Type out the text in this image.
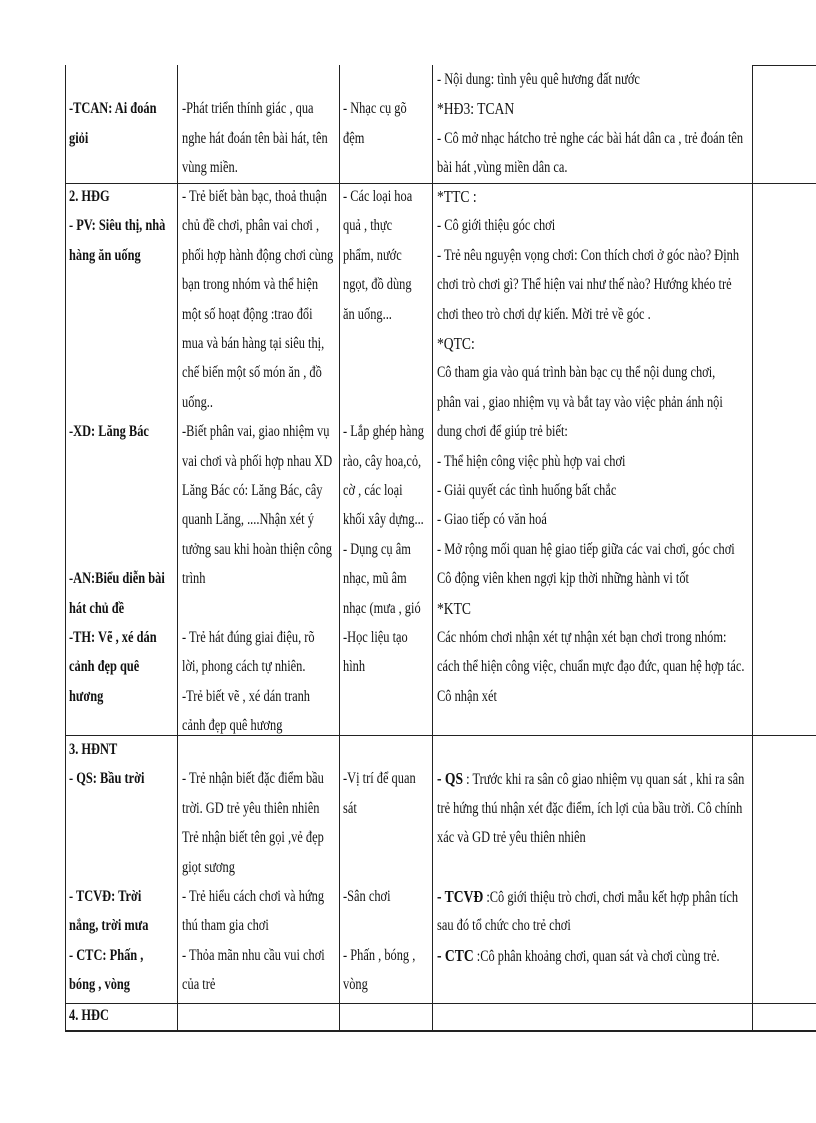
-TCAN: Ai đoán
giỏi
-Phát triển thính giác , qua
nghe hát đoán tên bài hát, tên
vùng miền.
- Nhạc cụ gõ
đệm
- Nội dung: tình yêu quê hương đất nước
*HĐ3: TCAN
- Cô mở nhạc hátcho trẻ nghe các bài hát dân ca , trẻ đoán tên
bài hát ,vùng miền dân ca.
2. HĐG
- PV: Siêu thị, nhà
hàng ăn uống
-XD: Lăng Bác
-AN:Biểu diễn bài
hát chủ đề
-TH: Vẽ , xé dán
cảnh đẹp quê
hương
- Trẻ biết bàn bạc, thoả thuận
chủ đề chơi, phân vai chơi ,
phối hợp hành động chơi cùng
bạn trong nhóm và thể hiện
một số hoạt động :trao đổi
mua và bán hàng tại siêu thị,
chế biến một số món ăn , đồ
uống..
-Biết phân vai, giao nhiệm vụ
vai chơi và phối hợp nhau XD
Lăng Bác có: Lăng Bác, cây
quanh Lăng, ....Nhận xét ý
tưởng sau khi hoàn thiện công
trình
- Trẻ hát đúng giai điệu, rõ
lời, phong cách tự nhiên.
-Trẻ biết vẽ , xé dán tranh
cảnh đẹp quê hương
- Các loại hoa
quả , thực
phẩm, nước
ngọt, đồ dùng
ăn uống...
- Lắp ghép hàng
rào, cây hoa,cỏ,
cờ , các loại
khối xây dựng...
- Dụng cụ âm
nhạc, mũ âm
nhạc (mưa , gió
-Học liệu tạo
hình
*TTC :
- Cô giới thiệu góc chơi
- Trẻ nêu nguyện vọng chơi: Con thích chơi ở góc nào? Định
chơi trò chơi gì? Thể hiện vai như thế nào? Hướng khéo trẻ
chơi theo trò chơi dự kiến. Mời trẻ về góc .
*QTC:
Cô tham gia vào quá trình bàn bạc cụ thể nội dung chơi,
phân vai , giao nhiệm vụ và bắt tay vào việc phản ánh nội
dung chơi để giúp trẻ biết:
- Thể hiện công việc phù hợp vai chơi
- Giải quyết các tình huống bất chắc
- Giao tiếp có văn hoá
- Mở rộng mối quan hệ giao tiếp giữa các vai chơi, góc chơi
Cô động viên khen ngợi kịp thời những hành vi tốt
*KTC
Các nhóm chơi nhận xét tự nhận xét bạn chơi trong nhóm:
cách thể hiện công việc, chuẩn mực đạo đức, quan hệ hợp tác.
Cô nhận xét
3. HĐNT
- QS: Bầu trời
- TCVĐ: Trời
nắng, trời mưa
- CTC: Phấn ,
bóng , vòng
- Trẻ nhận biết đặc điểm bầu
trời. GD trẻ yêu thiên nhiên
Trẻ nhận biết tên gọi ,vẻ đẹp
giọt sương
- Trẻ hiểu cách chơi và hứng
thú tham gia chơi
- Thỏa mãn nhu cầu vui chơi
của trẻ
-Vị trí để quan
sát
-Sân chơi
- Phấn , bóng ,
vòng
- QS : Trước khi ra sân cô giao nhiệm vụ quan sát , khi ra sân
trẻ hứng thú nhận xét đặc điểm, ích lợi của bầu trời. Cô chính
xác và GD trẻ yêu thiên nhiên
- TCVĐ :Cô giới thiệu trò chơi, chơi mẫu kết hợp phân tích
sau đó tổ chức cho trẻ chơi
- CTC :Cô phân khoảng chơi, quan sát và chơi cùng trẻ.
4. HĐC
